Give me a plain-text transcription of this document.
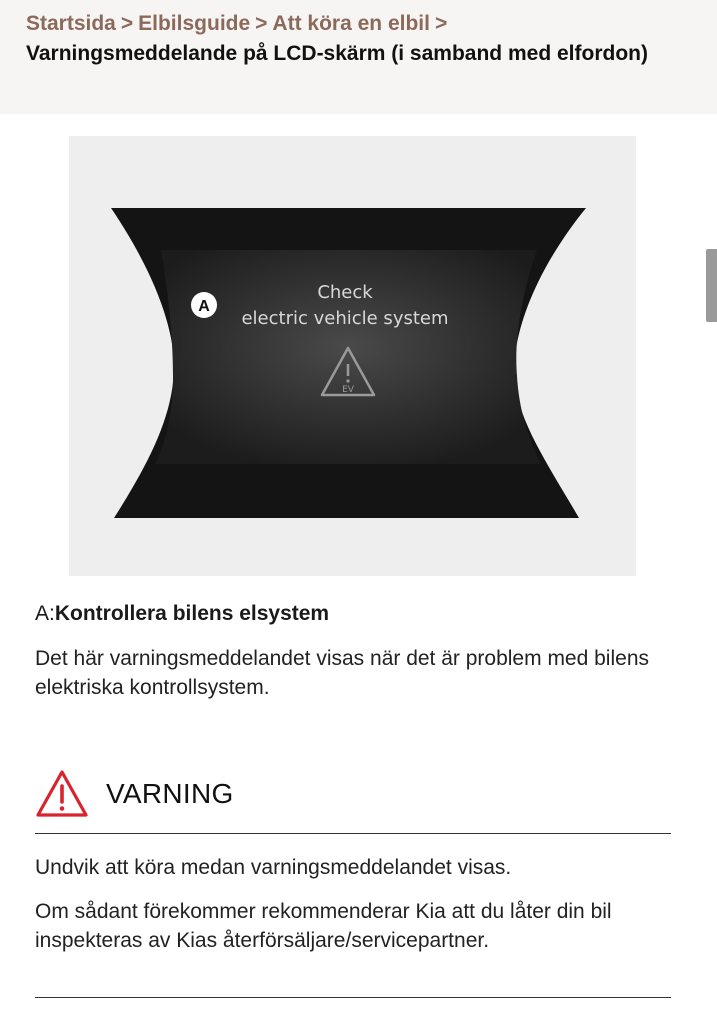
Startsida > Elbilsguide > Att köra en elbil >
Varningsmeddelande på LCD-skärm (i samband med elfordon)
A
Check
electric vehicle system
EV
A:Kontrollera bilens elsystem
Det här varningsmeddelandet visas när det är problem med bilens elektriska kontrollsystem.
VARNING
Undvik att köra medan varningsmeddelandet visas.
Om sådant förekommer rekommenderar Kia att du låter din bil inspekteras av Kias återförsäljare/servicepartner.
